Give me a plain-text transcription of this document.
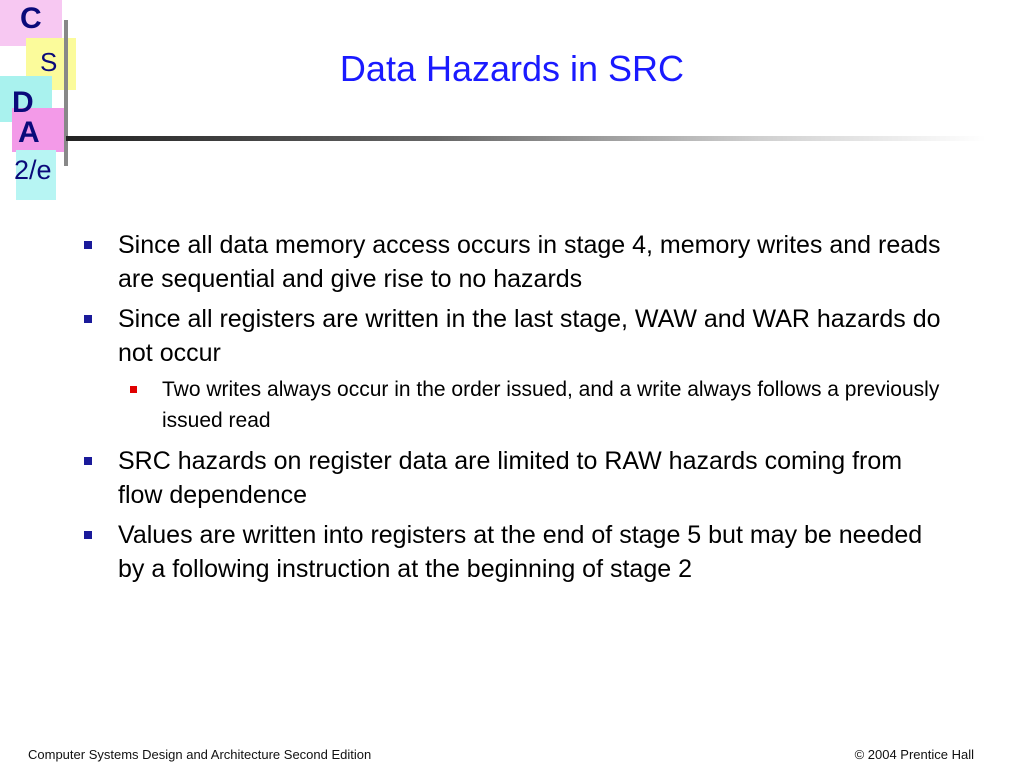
C
S
D
A
2/e
Data Hazards in SRC
Since all data memory access occurs in stage 4, memory writes and reads are sequential and give rise to no hazards
Since all registers are written in the last stage, WAW and WAR hazards do not occur
Two writes always occur in the order issued, and a write always follows a previously issued read
SRC hazards on register data are limited to RAW hazards coming from flow dependence
Values are written into registers at the end of stage 5 but may be needed by a following instruction at the beginning of stage 2
Computer Systems Design and Architecture Second Edition	© 2004 Prentice Hall
